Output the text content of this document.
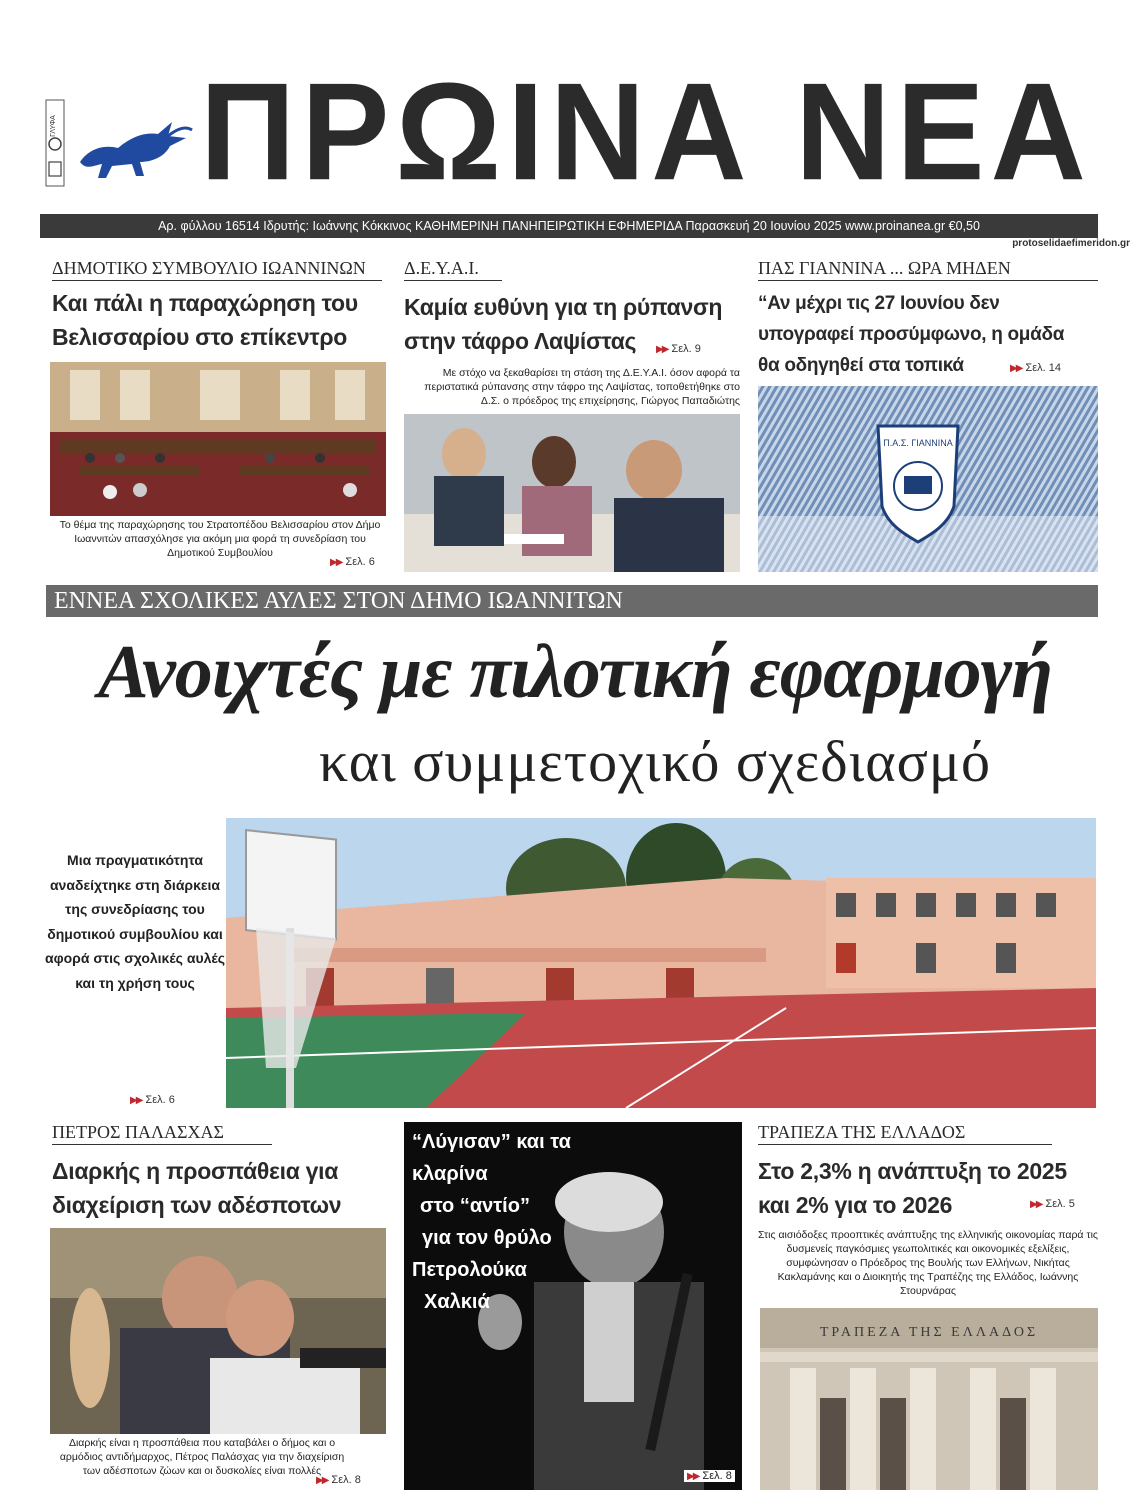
ΓΛΥΦΑ ΠΡΩΙΝΑ ΝΕΑ
Αρ. φύλλου 16514 Ιδρυτής: Ιωάννης Κόκκινος ΚΑΘΗΜΕΡΙΝΗ ΠΑΝΗΠΕΙΡΩΤΙΚΗ ΕΦΗΜΕΡΙΔΑ Παρασκευή 20 Ιουνίου 2025 www.proinanea.gr €0,50
protoselidaefimeridon.gr
ΔΗΜΟΤΙΚΟ ΣΥΜΒΟΥΛΙΟ ΙΩΑΝΝΙΝΩΝ
Και πάλι η παραχώρηση του Βελισσαρίου στο επίκεντρο
Το θέμα της παραχώρησης του Στρατοπέδου Βελισσαρίου στον Δήμο Ιωαννιτών απασχόλησε για ακόμη μια φορά τη συνεδρίαση του Δημοτικού Συμβουλίου
▶▶ Σελ. 6
Δ.Ε.Υ.Α.Ι.
Καμία ευθύνη για τη ρύπανση στην τάφρο Λαψίστας	▶▶ Σελ. 9
Με στόχο να ξεκαθαρίσει τη στάση της Δ.Ε.Υ.Α.Ι. όσον αφορά τα περιστατικά ρύπανσης στην τάφρο της Λαψίστας, τοποθετήθηκε στο Δ.Σ. ο πρόεδρος της επιχείρησης, Γιώργος Παπαδιώτης
ΠΑΣ ΓΙΑΝΝΙΝΑ ... ΩΡΑ ΜΗΔΕΝ
“Αν μέχρι τις 27 Ιουνίου δεν υπογραφεί προσύμφωνο, η ομάδα θα οδηγηθεί στα τοπικά	▶▶ Σελ. 14
Π.Α.Σ. ΓΙΑΝΝΙΝΑ
ΕΝΝΕΑ ΣΧΟΛΙΚΕΣ ΑΥΛΕΣ ΣΤΟΝ ΔΗΜΟ ΙΩΑΝΝΙΤΩΝ
Ανοιχτές με πιλοτική εφαρμογή
και συμμετοχικό σχεδιασμό
Μια πραγματικότητα αναδείχτηκε στη διάρκεια της συνεδρίασης του δημοτικού συμβουλίου και αφορά στις σχολικές αυλές και τη χρήση τους
▶▶ Σελ. 6
ΠΕΤΡΟΣ ΠΑΛΑΣΧΑΣ
Διαρκής η προσπάθεια για διαχείριση των αδέσποτων
Διαρκής είναι η προσπάθεια που καταβάλει ο δήμος και ο αρμόδιος αντιδήμαρχος, Πέτρος Παλάσχας για την διαχείριση των αδέσποτων ζώων και οι δυσκολίες είναι πολλές
▶▶ Σελ. 8
“Λύγισαν” και τα κλαρίνα
στο “αντίο”
για τον θρύλο
Πετρολούκα
Χαλκιά
▶▶ Σελ. 8
ΤΡΑΠΕΖΑ ΤΗΣ ΕΛΛΑΔΟΣ
Στο 2,3% η ανάπτυξη το 2025 και 2% για το 2026	▶▶ Σελ. 5
Στις αισιόδοξες προοπτικές ανάπτυξης της ελληνικής οικονομίας παρά τις δυσμενείς παγκόσμιες γεωπολιτικές και οικονομικές εξελίξεις, συμφώνησαν ο Πρόεδρος της Βουλής των Ελλήνων, Νικήτας Κακλαμάνης και ο Διοικητής της Τραπέζης της Ελλάδος, Ιωάννης Στουρνάρας
ΤΡΑΠΕΖΑ ΤΗΣ ΕΛΛΑΔΟΣ
